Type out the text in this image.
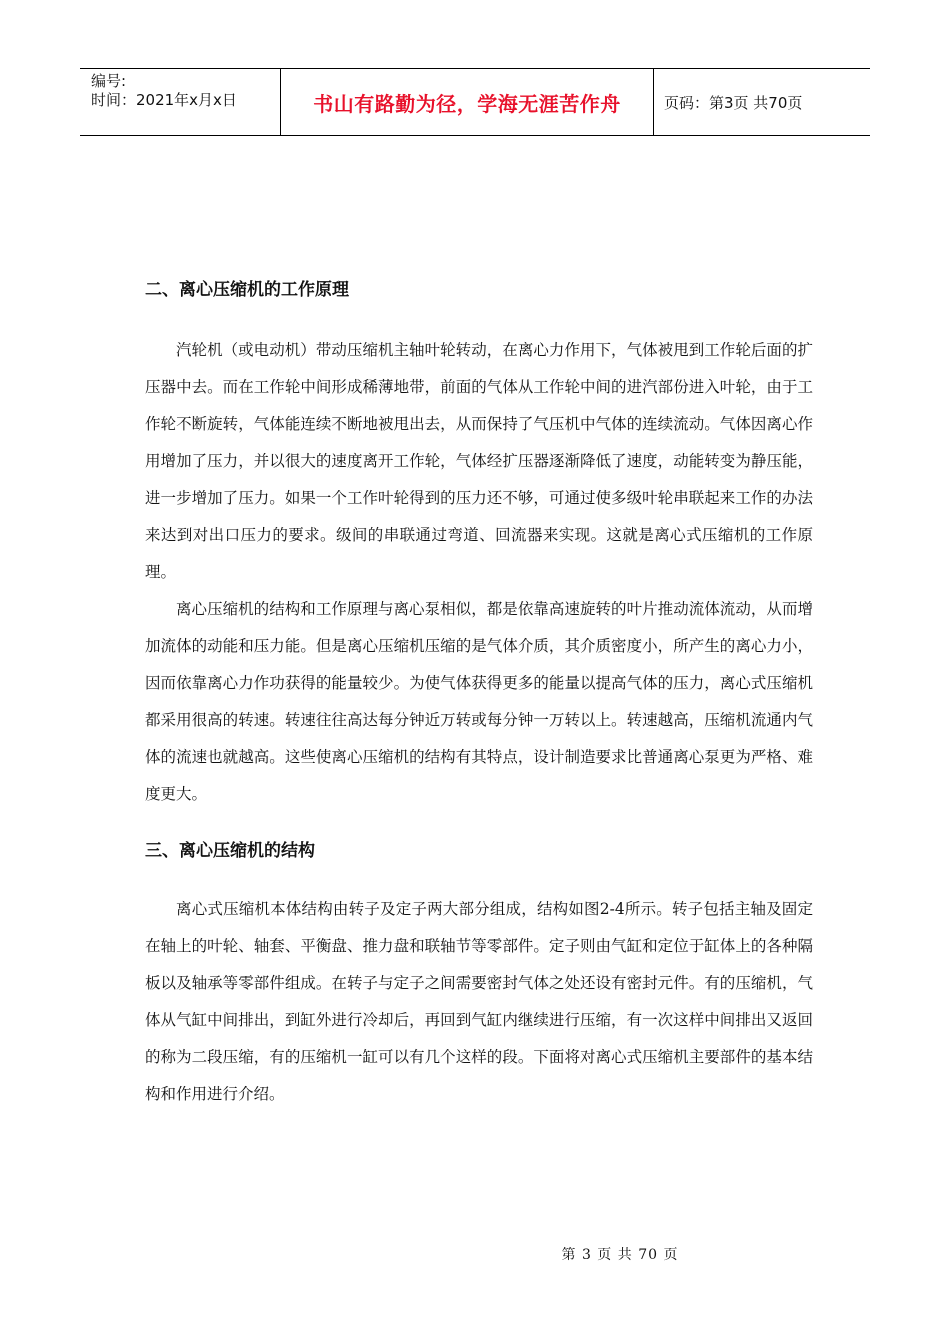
编号:
时间：2021年x月x日	书山有路勤为径，学海无涯苦作舟	页码：第3页 共70页
二、离心压缩机的工作原理

汽轮机（或电动机）带动压缩机主轴叶轮转动，在离心力作用下，气体被甩到工作轮后面的扩压器中去。而在工作轮中间形成稀薄地带，前面的气体从工作轮中间的进汽部份进入叶轮，由于工作轮不断旋转，气体能连续不断地被甩出去，从而保持了气压机中气体的连续流动。气体因离心作用增加了压力，并以很大的速度离开工作轮，气体经扩压器逐渐降低了速度，动能转变为静压能，进一步增加了压力。如果一个工作叶轮得到的压力还不够，可通过使多级叶轮串联起来工作的办法来达到对出口压力的要求。级间的串联通过弯道、回流器来实现。这就是离心式压缩机的工作原理。

离心压缩机的结构和工作原理与离心泵相似，都是依靠高速旋转的叶片推动流体流动，从而增加流体的动能和压力能。但是离心压缩机压缩的是气体介质，其介质密度小，所产生的离心力小，因而依靠离心力作功获得的能量较少。为使气体获得更多的能量以提高气体的压力，离心式压缩机都采用很高的转速。转速往往高达每分钟近万转或每分钟一万转以上。转速越高，压缩机流通内气体的流速也就越高。这些使离心压缩机的结构有其特点，设计制造要求比普通离心泵更为严格、难度更大。

三、离心压缩机的结构

离心式压缩机本体结构由转子及定子两大部分组成，结构如图2-4所示。转子包括主轴及固定在轴上的叶轮、轴套、平衡盘、推力盘和联轴节等零部件。定子则由气缸和定位于缸体上的各种隔板以及轴承等零部件组成。在转子与定子之间需要密封气体之处还设有密封元件。有的压缩机，气体从气缸中间排出，到缸外进行冷却后，再回到气缸内继续进行压缩，有一次这样中间排出又返回的称为二段压缩，有的压缩机一缸可以有几个这样的段。下面将对离心式压缩机主要部件的基本结构和作用进行介绍。

第 3 页 共 70 页
